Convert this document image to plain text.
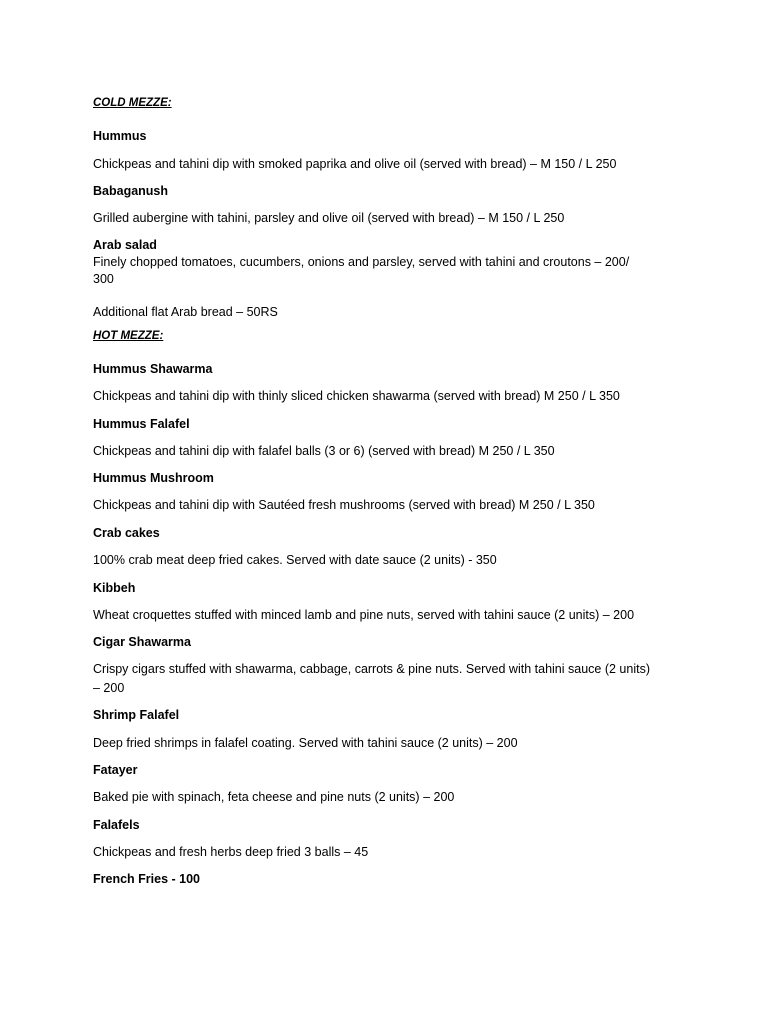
COLD MEZZE:

Hummus

Chickpeas and tahini dip with smoked paprika and olive oil (served with bread) – M 150 / L 250

Babaganush

Grilled aubergine with tahini, parsley and olive oil (served with bread) – M 150 / L 250

Arab salad

Finely chopped tomatoes, cucumbers, onions and parsley, served with tahini and croutons – 200/

300

Additional flat Arab bread – 50RS

HOT MEZZE:

Hummus Shawarma

Chickpeas and tahini dip with thinly sliced chicken shawarma (served with bread) M 250 / L 350

Hummus Falafel

Chickpeas and tahini dip with falafel balls (3 or 6) (served with bread) M 250 / L 350

Hummus Mushroom

Chickpeas and tahini dip with Sautéed fresh mushrooms (served with bread) M 250 / L 350

Crab cakes

100% crab meat deep fried cakes. Served with date sauce (2 units) - 350

Kibbeh

Wheat croquettes stuffed with minced lamb and pine nuts, served with tahini sauce (2 units) – 200

Cigar Shawarma

Crispy cigars stuffed with shawarma, cabbage, carrots & pine nuts. Served with tahini sauce (2 units)

– 200

Shrimp Falafel

Deep fried shrimps in falafel coating. Served with tahini sauce (2 units) – 200

Fatayer

Baked pie with spinach, feta cheese and pine nuts (2 units) – 200

Falafels

Chickpeas and fresh herbs deep fried 3 balls – 45

French Fries - 100
